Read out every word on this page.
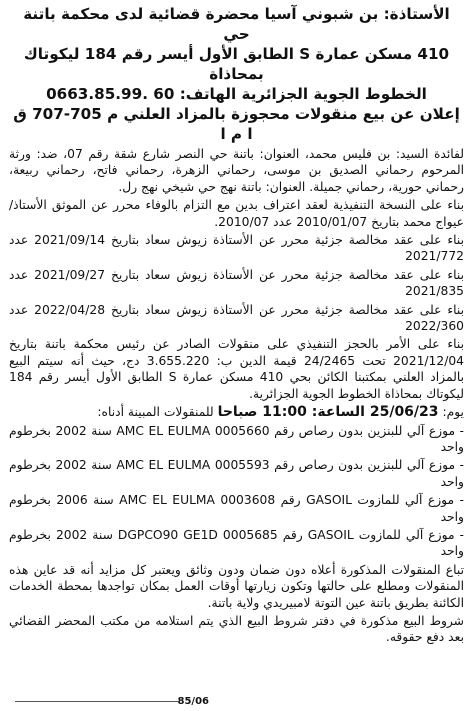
الأستاذة: بن شبوني آسيا محضرة قضائية لدى محكمة باتنة حي

410 مسكن عمارة S الطابق الأول أيسر رقم 184 ليكوتاك بمحاذاة

الخطوط الجوية الجزائرية الهاتف: 60 .0663.85.99

إعلان عن بيع منقولات محجوزة بالمزاد العلني م 705-707 ق ا م ا

لفائدة السيد: بن فليس محمد، العنوان: باتنة حي النصر شارع شقة رقم 07، ضد: ورثة المرحوم رحماني الصديق بن موسى، رحماني الزهرة، رحماني فاتح، رحماني ربيعة، رحماني حورية، رحماني جميلة. العنوان: باتنة نهج حي شيخي نهج رل.

بناء على النسخة التنفيذية لعقد اعتراف بدين مع التزام بالوفاء محرر عن الموثق الأستاذ/ عيواج محمد بتاريخ 2010/01/07 عدد 2010/07.

بناء على عقد مخالصة جزئية محرر عن الأستاذة زيوش سعاد بتاريخ 2021/09/14 عدد 2021/772

بناء على عقد مخالصة جزئية محرر عن الأستاذة زيوش سعاد بتاريخ 2021/09/27 عدد 2021/835

بناء على عقد مخالصة جزئية محرر عن الأستاذة زيوش سعاد بتاريخ 2022/04/28 عدد 2022/360

بناء على الأمر بالحجز التنفيذي على منقولات الصادر عن رئيس محكمة باتنة بتاريخ 2021/12/04 تحت 24/2465 قيمة الدين ب: 3.655.220 دج، حيث أنه سيتم البيع بالمزاد العلني بمكتبنا الكائن بحي 410 مسكن عمارة S الطابق الأول أيسر رقم 184 ليكوتاك بمحاذاة الخطوط الجوية الجزائرية.

يوم: 25/06/23 الساعة: 11:00 صباحا للمنقولات المبينة أدناه:

- موزع آلي للبنزين بدون رصاص رقم AMC EL EULMA 0005660 سنة 2002 بخرطوم واحد

- موزع آلي للبنزين بدون رصاص رقم AMC EL EULMA 0005593 سنة 2002 بخرطوم واحد

- موزع آلي للمازوت GASOIL رقم AMC EL EULMA 0003608 سنة 2006 بخرطوم واحد

- موزع آلي للمازوت GASOIL رقم 0005685 DGPCO90 GE1D سنة 2002 بخرطوم واحد

تباع المنقولات المذكورة أعلاه دون ضمان ودون وثائق ويعتبر كل مزايد أنه قد عاين هذه المنقولات ومطلع على حالتها وتكون زيارتها أوقات العمل بمكان تواجدها بمحطة الخدمات الكائنة بطريق باتنة عين التوتة لامبيريدي ولاية باتنة.

شروط البيع مذكورة في دفتر شروط البيع الذي يتم استلامه من مكتب المحضر القضائي بعد دفع حقوقه.

85/06
